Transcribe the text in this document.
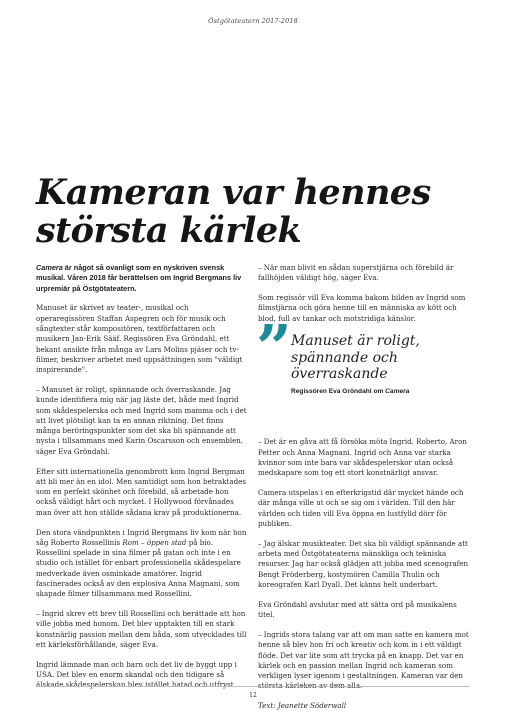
Östgötateatern 2017-2018
Kameran var hennes största kärlek

Camera är något så ovanligt som en nyskriven svensk musikal. Våren 2018 får berättelsen om Ingrid Bergmans liv urpremiär på Östgötateatern.

Manuset är skrivet av teater-, musikal och operaregissören Staffan Aspegren och för musik och sångtexter står kompositören, textförfattaren och musikern Jan-Erik Sääf. Regissören Eva Gröndahl, ett bekant ansikte från många av Lars Molins pjäser och tv-filmer, beskriver arbetet med uppsättningen som "väldigt inspirerande".

– Manuset är roligt, spännande och överraskande. Jag kunde identifiera mig när jag läste det, både med Ingrid som skådespelerska och med Ingrid som mamma och i det att livet plötsligt kan ta en annan riktning. Det finns många beröringspunkter som det ska bli spännande att nysta i tillsammans med Karin Oscarsson och ensemblen, säger Eva Gröndahl.

Efter sitt internationella genombrott kom Ingrid Bergman att bli mer än en idol. Men samtidigt som hon betraktades som en perfekt skönhet och förebild, så arbetade hon också väldigt hårt och mycket. I Hollywood förvånades man över att hon ställde sådana krav på produktionerna.

Den stora vändpunkten i Ingrid Bergmans liv kom när hon såg Roberto Rossellinis Rom – öppen stad på bio. Rossellini spelade in sina filmer på gatan och inte i en studio och istället för enbart professionella skådespelare medverkade även osminkade amatörer. Ingrid fascinerades också av den explosiva Anna Magnani, som skapade filmer tillsammans med Rossellini.

– Ingrid skrev ett brev till Rossellini och berättade att hon ville jobba med honom. Det blev upptakten till en stark konstnärlig passion mellan dem båda, som utvecklades till ett kärleksförhållande, säger Eva.

Ingrid lämnade man och barn och det liv de byggt upp i USA. Det blev en enorm skandal och den tidigare så älskade skådespelerskan blev istället hatad och utfryst.

– När man blivit en sådan superstjärna och förebild är fallhöjden väldigt hög, säger Eva.

Som regissör vill Eva komma bakom bilden av Ingrid som filmstjärna och göra henne till en människa av kött och blod, full av tankar och motstridiga känslor.

” Manuset är roligt, spännande och överraskande
Regissören Eva Gröndahl om Camera

– Det är en gåva att få försöka möta Ingrid, Roberto, Aron Petter och Anna Magnani. Ingrid och Anna var starka kvinnor som inte bara var skådespelerskor utan också medskapare som tog ett stort konstnärligt ansvar.

Camera utspelas i en efterkrigstid där mycket hände och där många ville ut och se sig om i världen. Till den här världen och tiden vill Eva öppna en lustfylld dörr för publiken.

– Jag älskar musikteater. Det ska bli väldigt spännande att arbeta med Östgötateaterns mänskliga och tekniska resurser. Jag har också glädjen att jobba med scenografen Bengt Fröderberg, kostymören Camilla Thulin och koreografen Karl Dyall. Det känns helt underbart.

Eva Gröndahl avslutar med att sätta ord på musikalens titel.

– Ingrids stora talang var att om man satte en kamera mot henne så blev hon fri och kreativ och kom in i ett väldigt flöde. Det var lite som att trycka på en knapp. Det var en kärlek och en passion mellan Ingrid och kameran som verkligen lyser igenom i gestaltningen. Kameran var den största kärleken av dem alla.

Text: Jeanette Söderwall

12
